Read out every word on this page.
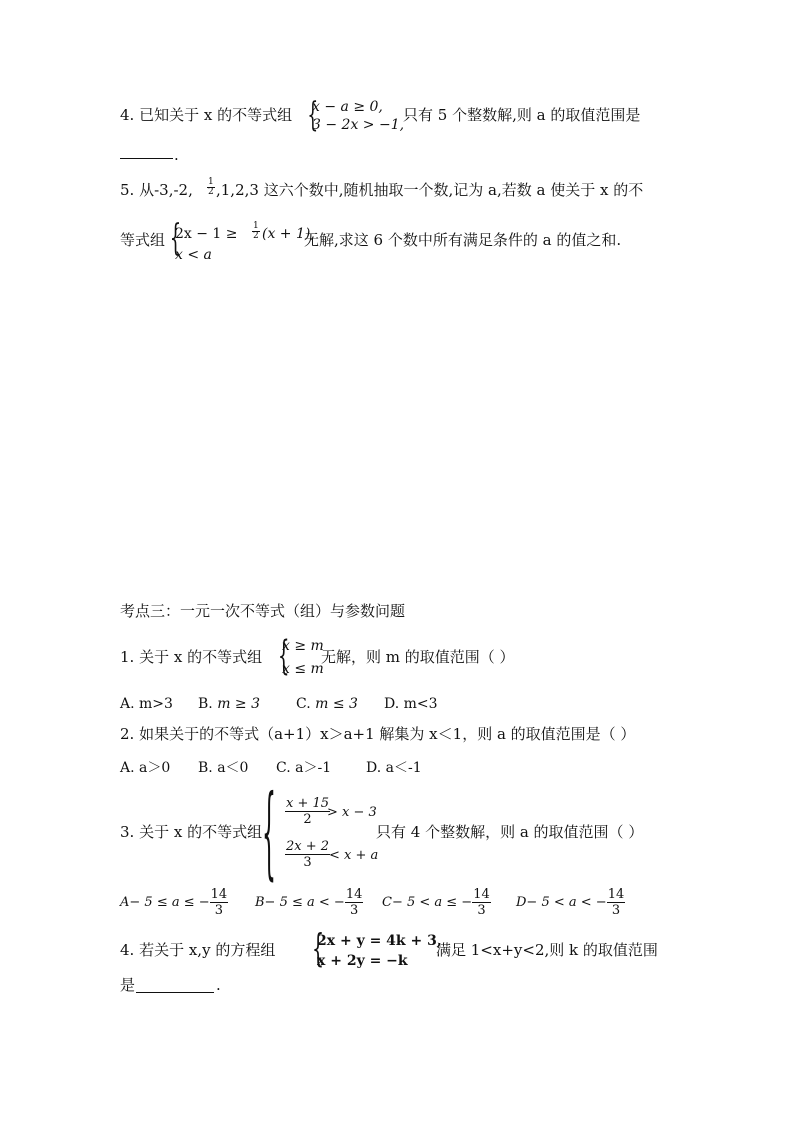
4. 已知关于 x 的不等式组 {
x − a ≥ 0,
3 − 2x > −1,
只有 5 个整数解,则 a 的取值范围是
.
5. 从-3,-2, $\frac{1}{2} ,1,2,3$ 这六个数中,随机抽取一个数,记为 a,若数 a 使关于 x 的不
等式组 {
$2x - 1 \ge \frac{1}{2} (x + 1)$,
x < a
无解,求这 6 个数中所有满足条件的 a 的值之和.
考点三：一元一次不等式（组）与参数问题
1. 关于 x 的不等式组 {
x ≥ m
x ≤ m
无解，则 m 的取值范围（ ）
A. m>3 B. m ≥ 3	C. m ≤ 3 D. m<3
2. 如果关于的不等式（a+1）x＞a+1 解集为 x＜1，则 a 的取值范围是（ ）
A. a＞0 B. a＜0 C. a＞-1 D. a＜-1
3. 关于 x 的不等式组 { $\frac{x + 15}{2}$
> x − 3
$\frac{2x + 2}{3}$
< x + a
只有 4 个整数解，则 a 的取值范围（ ）
A− 5 ≤ a ≤ − $\frac{14}{3} B- 5 \le a$ < − $\frac{14}{3} C- 5 < a$ ≤ − $\frac{14}{3} D- 5 < a$ < − $\frac{14}{3}$
4. 若关于 x,y 的方程组 {
2x + y = 4k + 3,
x + 2y = −k
满足 1<x+y<2,则 k 的取值范围
是	.
